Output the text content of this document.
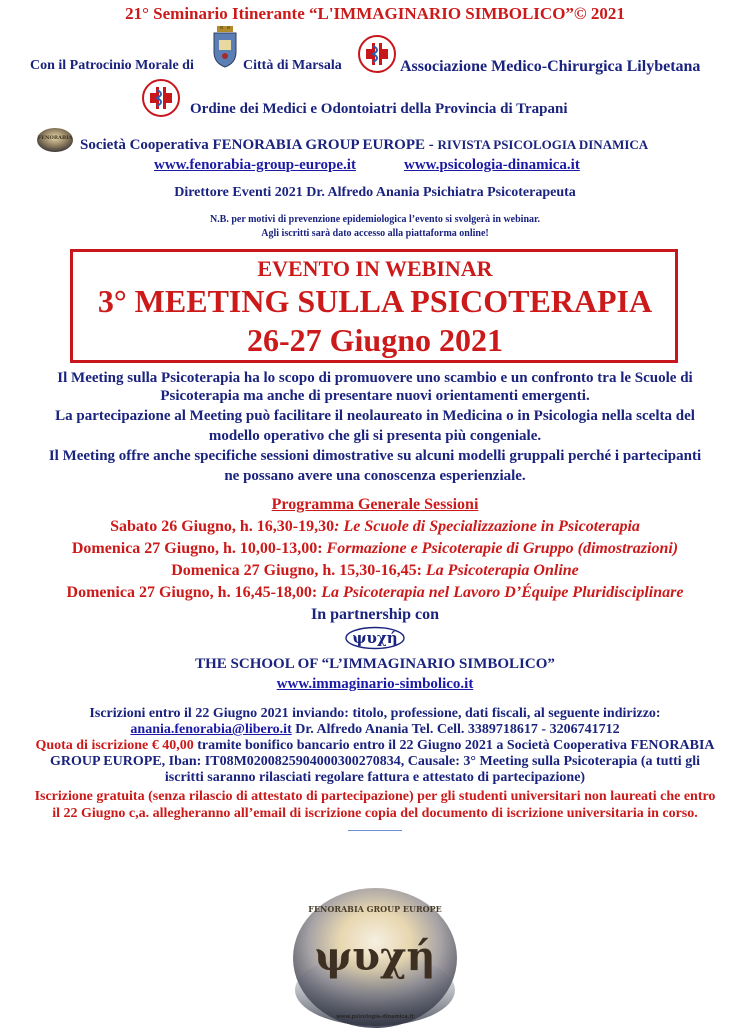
21° Seminario Itinerante “L'IMMAGINARIO SIMBOLICO”© 2021
Con il Patrocinio Morale di	Città di Marsala	Associazione Medico-Chirurgica Lilybetana
Ordine dei Medici e Odontoiatri della Provincia di Trapani
FENORABIA Società Cooperativa FENORABIA GROUP EUROPE - RIVISTA PSICOLOGIA DINAMICA
www.fenorabia-group-europe.it	www.psicologia-dinamica.it
Direttore Eventi 2021 Dr. Alfredo Anania Psichiatra Psicoterapeuta
N.B. per motivi di prevenzione epidemiologica l’evento si svolgerà in webinar.
Agli iscritti sarà dato accesso alla piattaforma online!
EVENTO IN WEBINAR
3° MEETING SULLA PSICOTERAPIA
26-27 Giugno 2021
Il Meeting sulla Psicoterapia ha lo scopo di promuovere uno scambio e un confronto tra le Scuole di
Psicoterapia ma anche di presentare nuovi orientamenti emergenti.
La partecipazione al Meeting può facilitare il neolaureato in Medicina o in Psicologia nella scelta del
modello operativo che gli si presenta più congeniale.
Il Meeting offre anche specifiche sessioni dimostrative su alcuni modelli gruppali perché i partecipanti
ne possano avere una conoscenza esperienziale.
Programma Generale Sessioni
Sabato 26 Giugno, h. 16,30-19,30: Le Scuole di Specializzazione in Psicoterapia
Domenica 27 Giugno, h. 10,00-13,00: Formazione e Psicoterapie di Gruppo (dimostrazioni)
Domenica 27 Giugno, h. 15,30-16,45: La Psicoterapia Online
Domenica 27 Giugno, h. 16,45-18,00: La Psicoterapia nel Lavoro D’Équipe Pluridisciplinare
In partnership con
ψυχή
THE SCHOOL OF “L’IMMAGINARIO SIMBOLICO”
www.immaginario-simbolico.it
Iscrizioni entro il 22 Giugno 2021 inviando: titolo, professione, dati fiscali, al seguente indirizzo:
anania.fenorabia@libero.it Dr. Alfredo Anania Tel. Cell. 3389718617 - 3206741712
Quota di iscrizione € 40,00 tramite bonifico bancario entro il 22 Giugno 2021 a Società Cooperativa FENORABIA
GROUP EUROPE, Iban: IT08M0200825904000300270834, Causale: 3° Meeting sulla Psicoterapia (a tutti gli
iscritti saranno rilasciati regolare fattura e attestato di partecipazione)
Iscrizione gratuita (senza rilascio di attestato di partecipazione) per gli studenti universitari non laureati che entro
il 22 Giugno c,a. allegheranno all’email di iscrizione copia del documento di iscrizione universitaria in corso.
FENORABIA GROUP EUROPE
ψυχή
www.psicologia-dinamica.it
